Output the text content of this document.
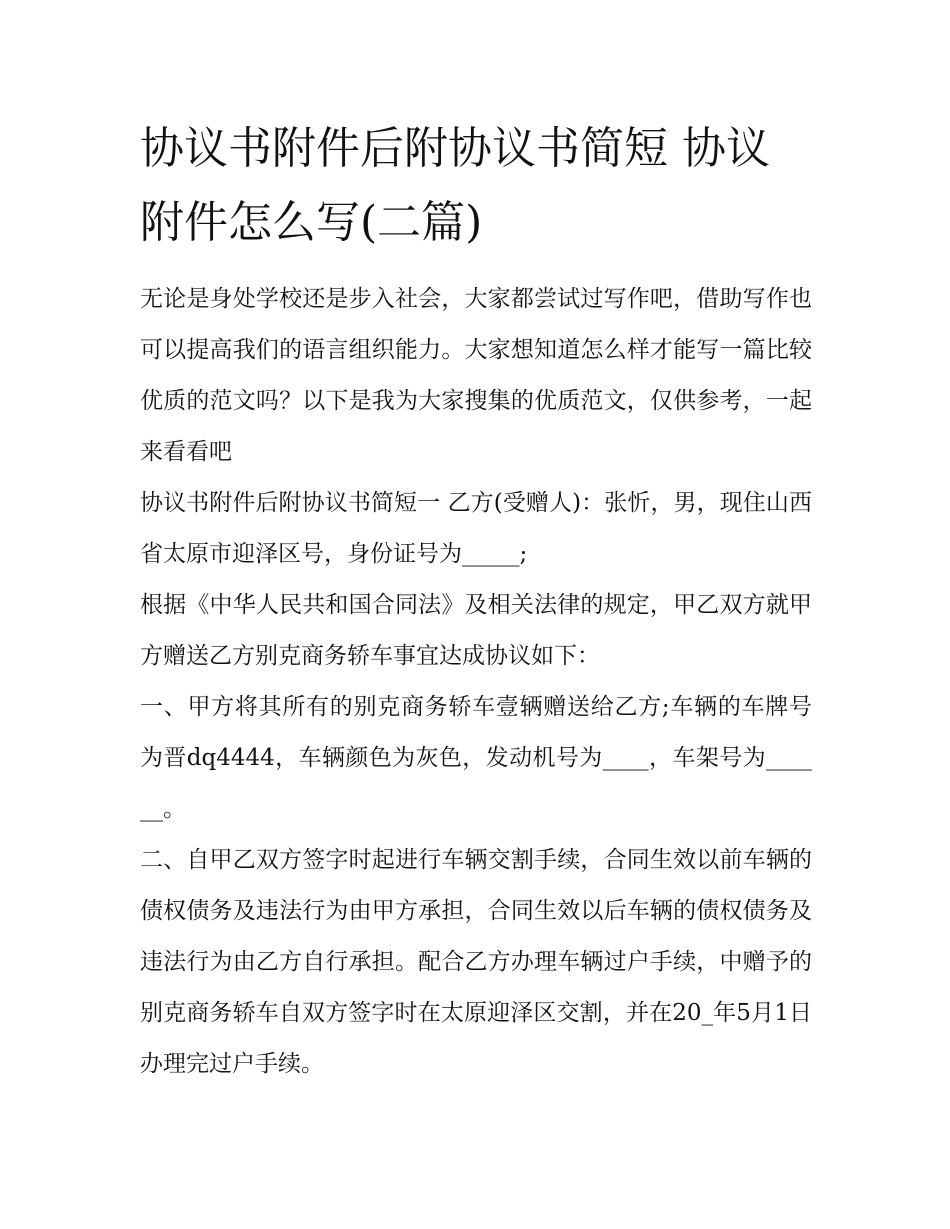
协议书附件后附协议书简短 协议附件怎么写(二篇)

无论是身处学校还是步入社会，大家都尝试过写作吧，借助写作也可以提高我们的语言组织能力。大家想知道怎么样才能写一篇比较优质的范文吗？以下是我为大家搜集的优质范文，仅供参考，一起来看看吧

协议书附件后附协议书简短一 乙方(受赠人)：张忻，男，现住山西省太原市迎泽区号，身份证号为_____;

根据《中华人民共和国合同法》及相关法律的规定，甲乙双方就甲方赠送乙方别克商务轿车事宜达成协议如下：

一、甲方将其所有的别克商务轿车壹辆赠送给乙方;车辆的车牌号为晋dq4444，车辆颜色为灰色，发动机号为____，车架号为______。

二、自甲乙双方签字时起进行车辆交割手续，合同生效以前车辆的债权债务及违法行为由甲方承担，合同生效以后车辆的债权债务及违法行为由乙方自行承担。配合乙方办理车辆过户手续，中赠予的别克商务轿车自双方签字时在太原迎泽区交割，并在20_年5月1日办理完过户手续。
